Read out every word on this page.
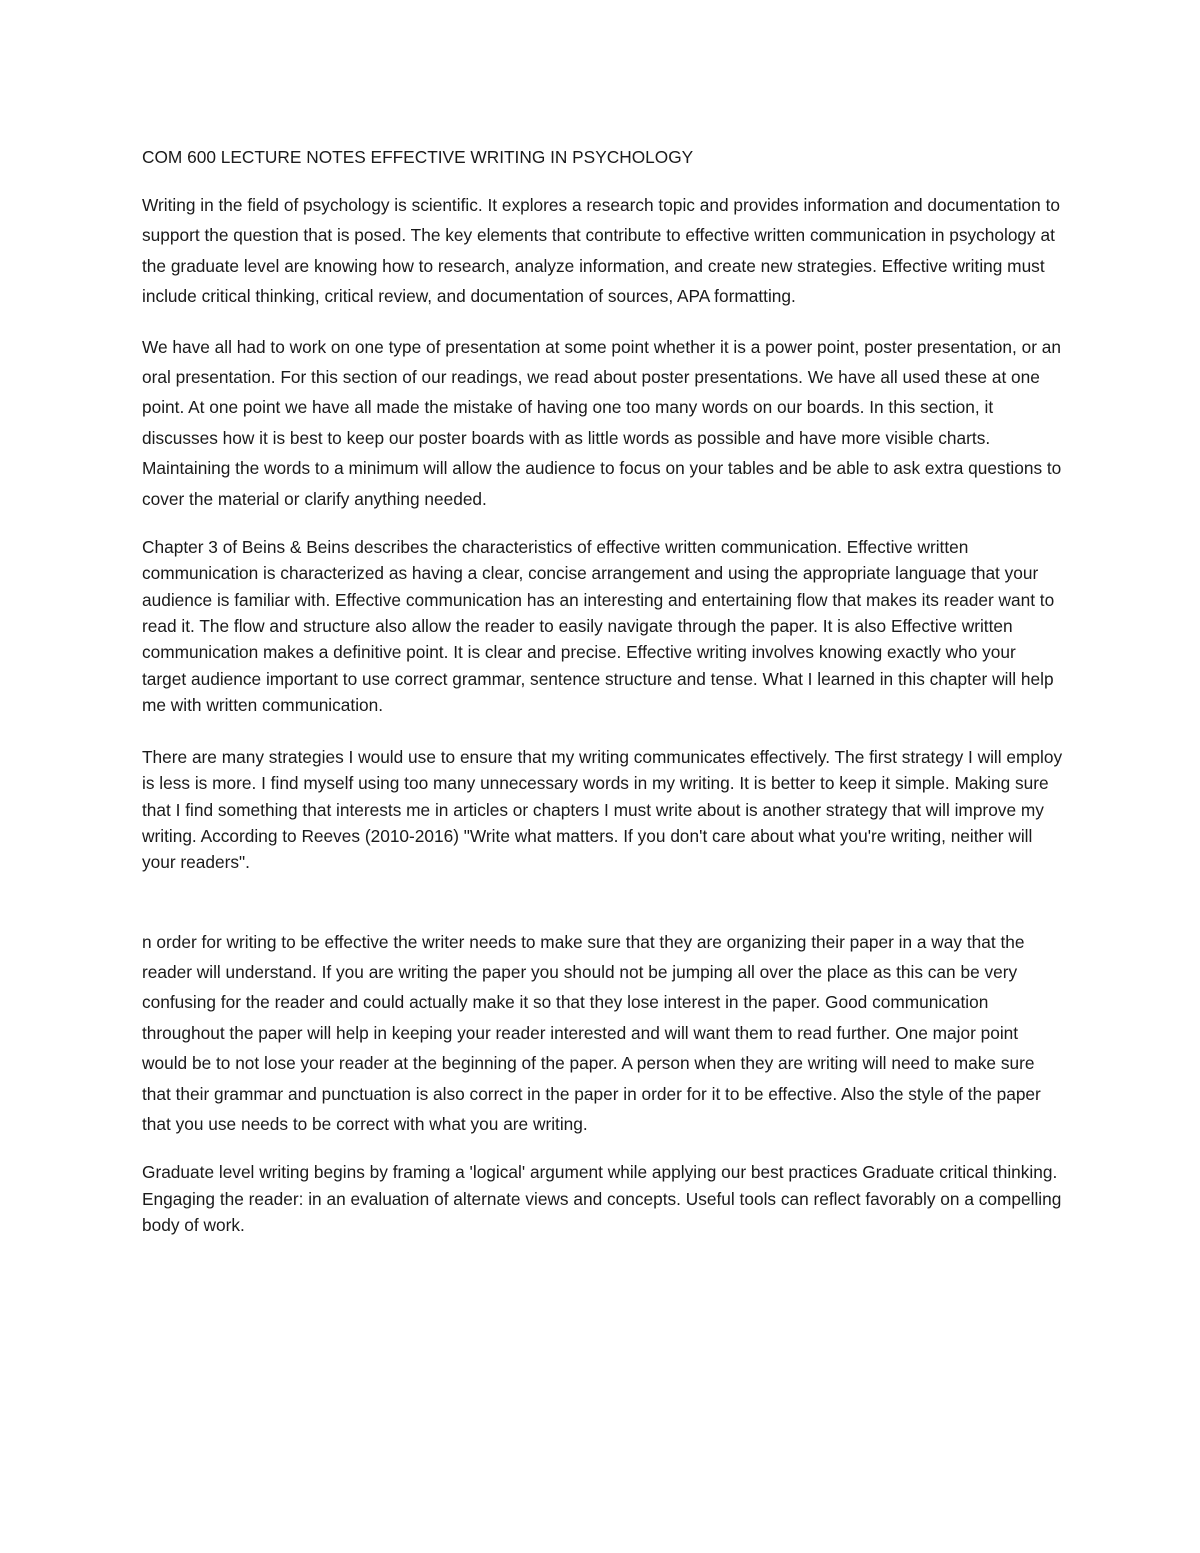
COM 600 LECTURE NOTES EFFECTIVE WRITING IN PSYCHOLOGY

Writing in the field of psychology is scientific. It explores a research topic and provides information and documentation to support the question that is posed. The key elements that contribute to effective written communication in psychology at the graduate level are knowing how to research, analyze information, and create new strategies. Effective writing must include critical thinking, critical review, and documentation of sources, APA formatting.

We have all had to work on one type of presentation at some point whether it is a power point, poster presentation, or an oral presentation. For this section of our readings, we read about poster presentations. We have all used these at one point. At one point we have all made the mistake of having one too many words on our boards. In this section, it discusses how it is best to keep our poster boards with as little words as possible and have more visible charts. Maintaining the words to a minimum will allow the audience to focus on your tables and be able to ask extra questions to cover the material or clarify anything needed.

Chapter 3 of Beins & Beins describes the characteristics of effective written communication. Effective written communication is characterized as having a clear, concise arrangement and using the appropriate language that your audience is familiar with. Effective communication has an interesting and entertaining flow that makes its reader want to read it. The flow and structure also allow the reader to easily navigate through the paper. It is also Effective written communication makes a definitive point. It is clear and precise. Effective writing involves knowing exactly who your target audience important to use correct grammar, sentence structure and tense. What I learned in this chapter will help me with written communication.

There are many strategies I would use to ensure that my writing communicates effectively. The first strategy I will employ is less is more. I find myself using too many unnecessary words in my writing. It is better to keep it simple. Making sure that I find something that interests me in articles or chapters I must write about is another strategy that will improve my writing. According to Reeves (2010-2016) "Write what matters. If you don't care about what you're writing, neither will your readers".

n order for writing to be effective the writer needs to make sure that they are organizing their paper in a way that the reader will understand. If you are writing the paper you should not be jumping all over the place as this can be very confusing for the reader and could actually make it so that they lose interest in the paper. Good communication throughout the paper will help in keeping your reader interested and will want them to read further. One major point would be to not lose your reader at the beginning of the paper. A person when they are writing will need to make sure that their grammar and punctuation is also correct in the paper in order for it to be effective. Also the style of the paper that you use needs to be correct with what you are writing.

Graduate level writing begins by framing a 'logical' argument while applying our best practices Graduate critical thinking. Engaging the reader: in an evaluation of alternate views and concepts. Useful tools can reflect favorably on a compelling body of work.
